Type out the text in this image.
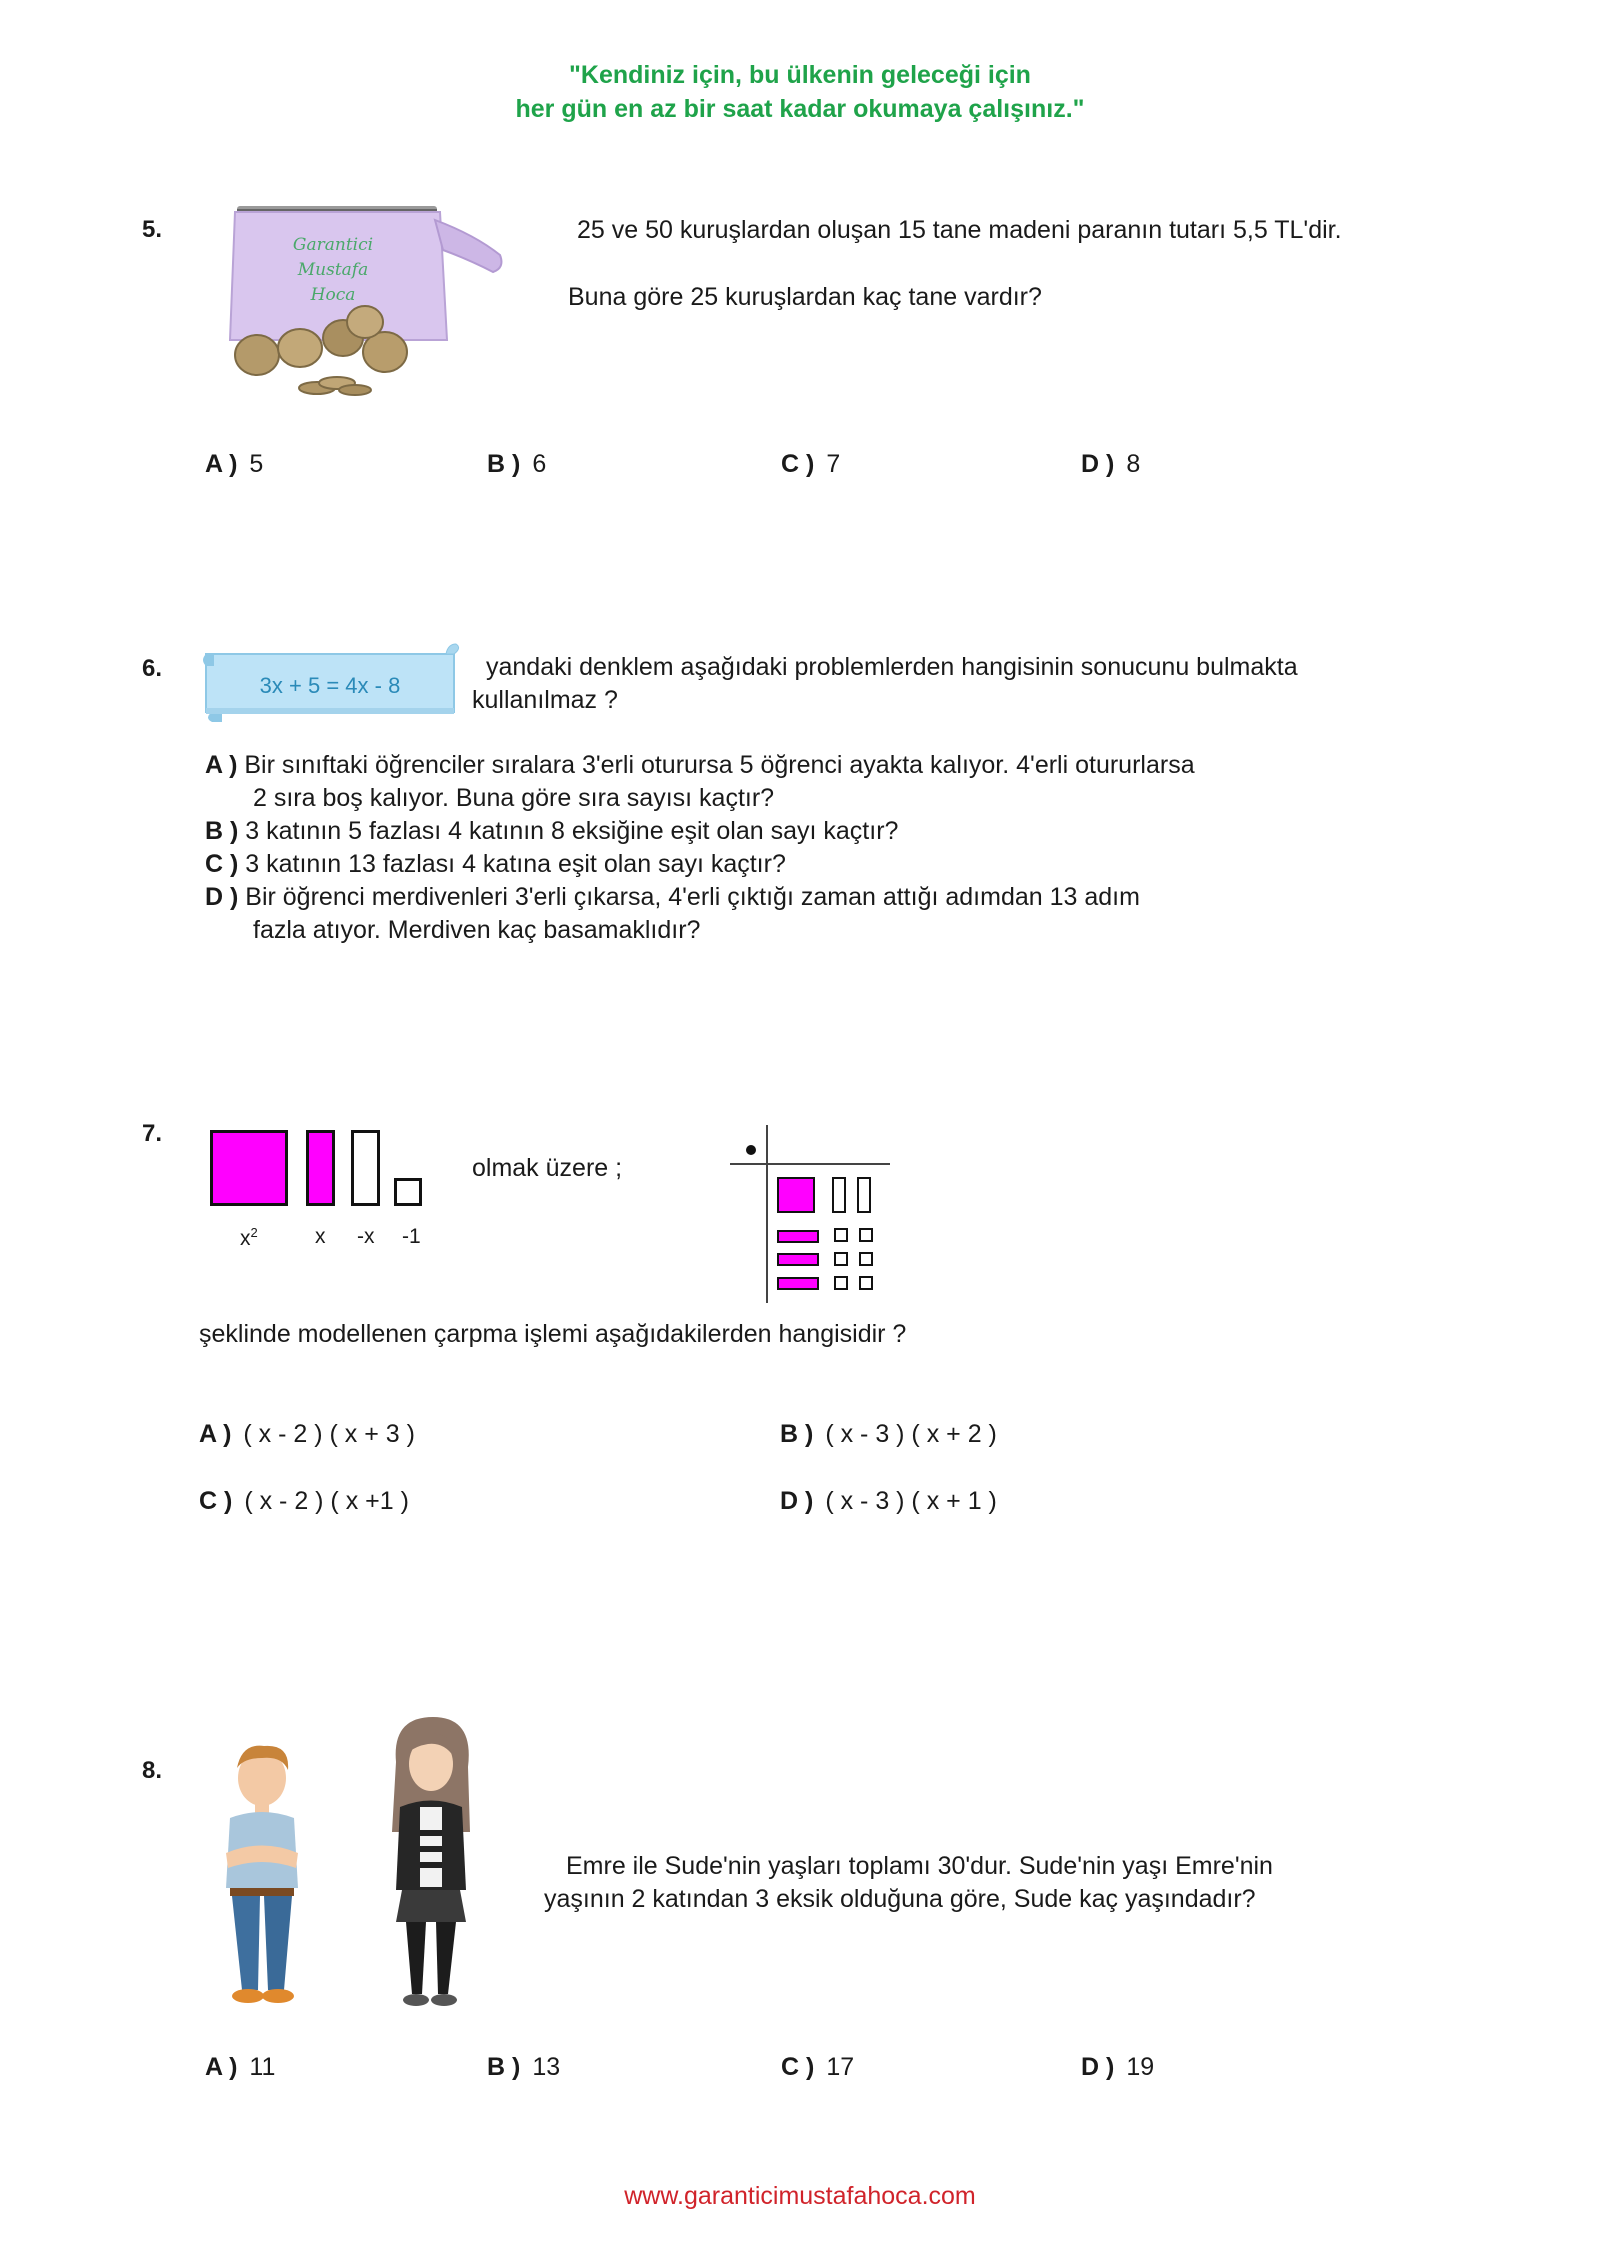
"Kendiniz için, bu ülkenin geleceği için
her gün en az bir saat kadar okumaya çalışınız."
5.
Garantici
Mustafa
Hoca
25 ve 50 kuruşlardan oluşan 15 tane madeni paranın tutarı 5,5 TL'dir.
Buna göre 25 kuruşlardan kaç tane vardır?
A ) 5	B ) 6	C ) 7	D ) 8
6.
3x + 5 = 4x - 8
yandaki denklem aşağıdaki problemlerden hangisinin sonucunu bulmakta
kullanılmaz ?
A ) Bir sınıftaki öğrenciler sıralara 3'erli oturursa 5 öğrenci ayakta kalıyor. 4'erli otururlarsa
2 sıra boş kalıyor. Buna göre sıra sayısı kaçtır?
B ) 3 katının 5 fazlası 4 katının 8 eksiğine eşit olan sayı kaçtır?
C ) 3 katının 13 fazlası 4 katına eşit olan sayı kaçtır?
D ) Bir öğrenci merdivenleri 3'erli çıkarsa, 4'erli çıktığı zaman attığı adımdan 13 adım
fazla atıyor. Merdiven kaç basamaklıdır?
7.
$x^2$	x -x -1
olmak üzere ;
şeklinde modellenen çarpma işlemi aşağıdakilerden hangisidir ?
A ) ( x - 2 ) ( x + 3 )	B ) ( x - 3 ) ( x + 2 )
C ) ( x - 2 ) ( x +1 )	D ) ( x - 3 ) ( x + 1 )
8.
Emre ile Sude'nin yaşları toplamı 30'dur. Sude'nin yaşı Emre'nin
yaşının 2 katından 3 eksik olduğuna göre, Sude kaç yaşındadır?
A ) 11	B ) 13	C ) 17	D ) 19
www.garanticimustafahoca.com
